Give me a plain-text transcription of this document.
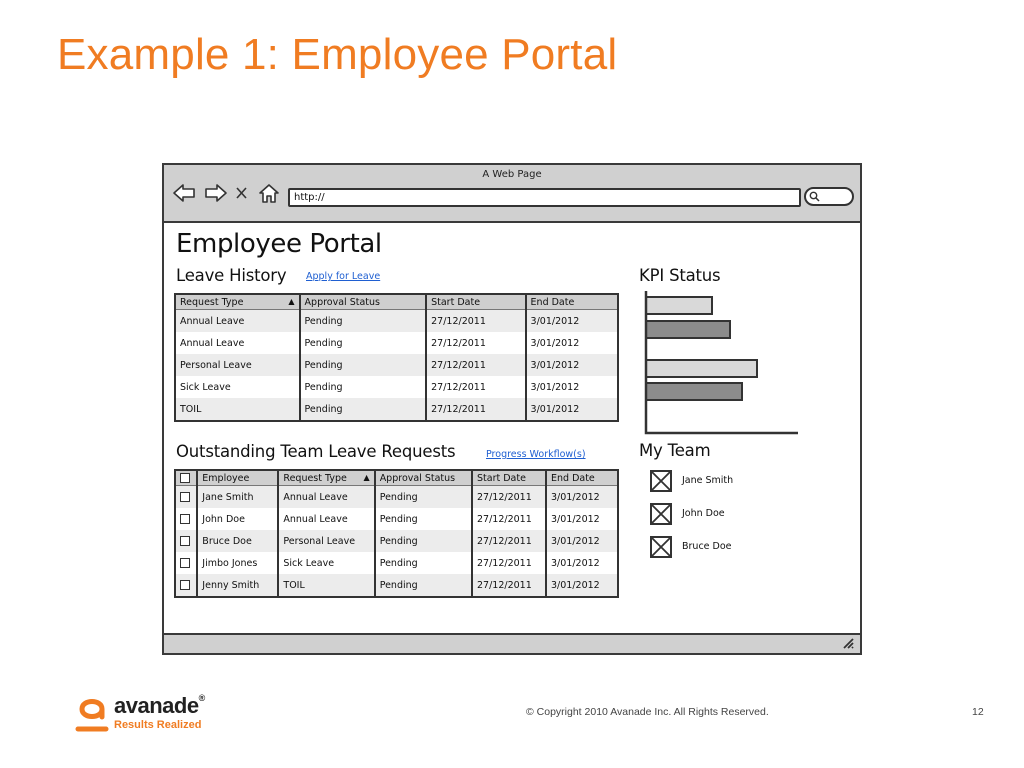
Example 1: Employee Portal
A Web Page
http://
Employee Portal
Leave History Apply for Leave
Request Type ▲	Approval Status	Start Date	End Date
Annual Leave	Pending	27/12/2011	3/01/2012
Annual Leave	Pending	27/12/2011	3/01/2012
Personal Leave	Pending	27/12/2011	3/01/2012
Sick Leave	Pending	27/12/2011	3/01/2012
TOIL	Pending	27/12/2011	3/01/2012
Outstanding Team Leave Requests	Progress Workflow(s)
	Employee	Request Type ▲	Approval Status	Start Date	End Date
	Jane Smith	Annual Leave	Pending	27/12/2011	3/01/2012
	John Doe	Annual Leave	Pending	27/12/2011	3/01/2012
	Bruce Doe	Personal Leave	Pending	27/12/2011	3/01/2012
	Jimbo Jones	Sick Leave	Pending	27/12/2011	3/01/2012
	Jenny Smith	TOIL	Pending	27/12/2011	3/01/2012
KPI Status
My Team
Jane Smith
John Doe
Bruce Doe
avanade®
Results Realized
© Copyright 2010 Avanade Inc. All Rights Reserved.	12
